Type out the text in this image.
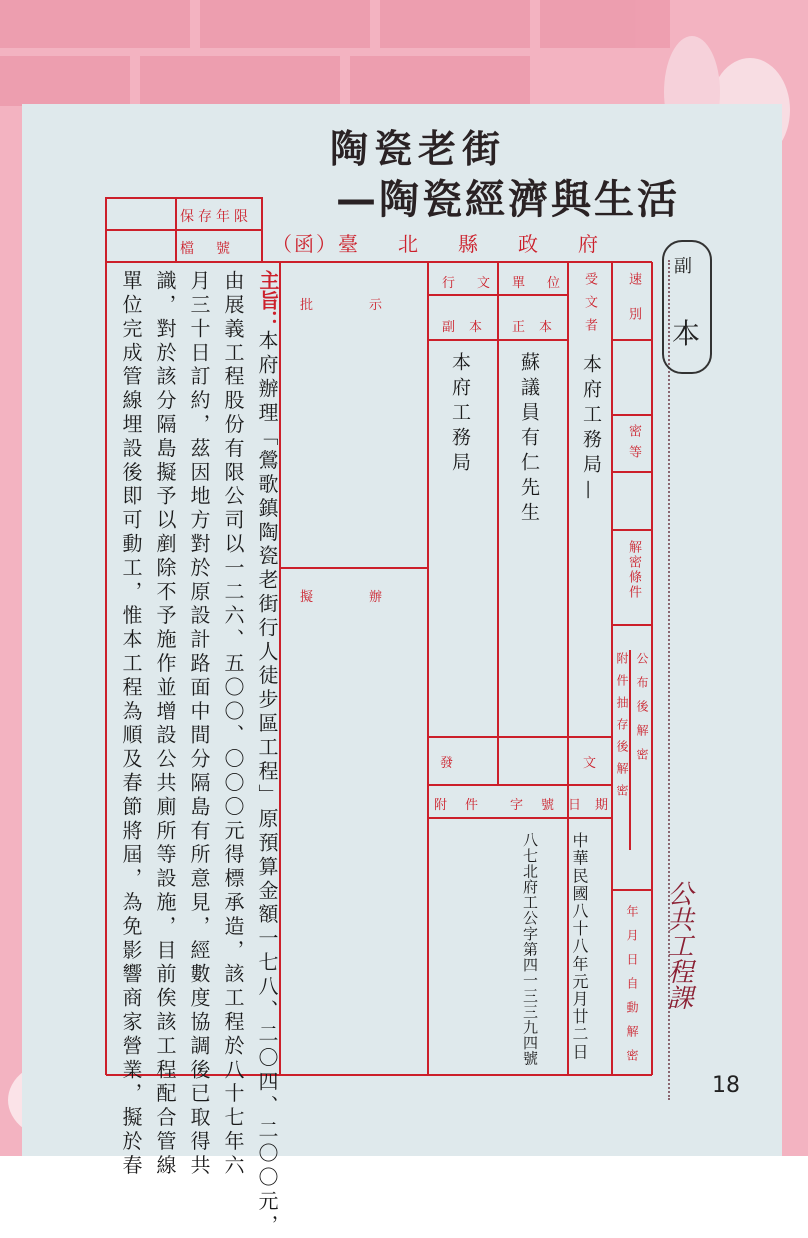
陶瓷老街
—陶瓷經濟與生活
保存年限
檔號 （函） 臺北縣政府
行文單位
正本
副本
批示
擬辦
受文者 速別
密等
解密條件
公布後解密
附件抽存後解密
年月日自動解密
本府工務局
—
蘇議員有仁先生
本府工務局
發文
日期
字號
附件
中華民國八十八年元月廿二日
八七北府工公字第四一三三九四號
主旨：
本府辦理「鶯歌鎮陶瓷老街行人徒步區工程」原預算金額一七八、二〇四、二〇〇元，
由展義工程股份有限公司以一二六、五〇〇、〇〇〇元得標承造，該工程於八十七年六
月三十日訂約，茲因地方對於原設計路面中間分隔島有所意見，經數度協調後已取得共
識，對於該分隔島擬予以剷除不予施作並增設公共廁所等設施，目前俟該工程配合管線
單位完成管線埋設後即可動工，惟本工程為順及春節將屆，為免影響商家營業，擬於春
副
本
公共工程課
18
